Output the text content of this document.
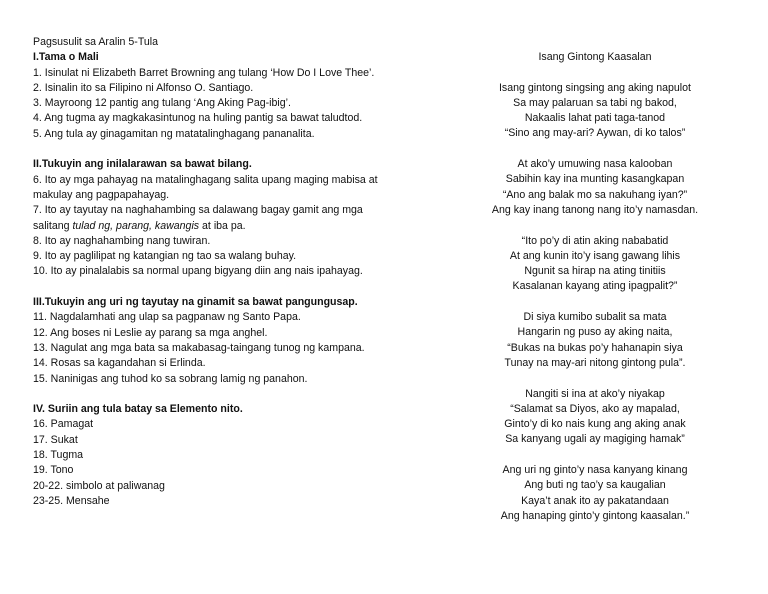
Pagsusulit sa Aralin 5-Tula
I.Tama o Mali
1. Isinulat ni Elizabeth Barret Browning ang tulang ‘How Do I Love Thee’.
2. Isinalin ito sa Filipino ni Alfonso O. Santiago.
3. Mayroong 12 pantig ang tulang ‘Ang Aking Pag-ibig’.
4. Ang tugma ay magkakasintunog na huling pantig sa bawat taludtod.
5. Ang tula ay ginagamitan ng matatalinghagang pananalita.
II.Tukuyin ang inilalarawan sa bawat bilang.
6. Ito ay mga pahayag na matalinghagang salita upang maging mabisa at makulay ang pagpapahayag.
7. Ito ay tayutay na naghahambing sa dalawang bagay gamit ang mga salitang tulad ng, parang, kawangis at iba pa.
8. Ito ay naghahambing nang tuwiran.
9. Ito ay paglilipat ng katangian ng tao sa walang buhay.
10. Ito ay pinalalabis sa normal upang bigyang diin ang nais ipahayag.
III.Tukuyin ang uri ng tayutay na ginamit sa bawat pangungusap.
11. Nagdalamhati ang ulap sa pagpanaw ng Santo Papa.
12. Ang boses ni Leslie ay parang sa mga anghel.
13. Nagulat ang mga bata sa makabasag-taingang tunog ng kampana.
14. Rosas sa kagandahan si Erlinda.
15. Naninigas ang tuhod ko sa sobrang lamig ng panahon.
IV. Suriin ang tula batay sa Elemento nito.
16. Pamagat
17. Sukat
18. Tugma
19. Tono
20-22. simbolo at paliwanag
23-25. Mensahe
Isang Gintong Kaasalan
Isang gintong singsing ang aking napulot
Sa may palaruan sa tabi ng bakod,
Nakaalis lahat pati taga-tanod
“Sino ang may-ari? Aywan, di ko talos”
At ako’y umuwing nasa kalooban
Sabihin kay ina munting kasangkapan
“Ano ang balak mo sa nakuhang iyan?”
Ang kay inang tanong nang ito’y namasdan.
“Ito po’y di atin aking nababatid
At ang kunin ito’y isang gawang lihis
Ngunit sa hirap na ating tinitiis
Kasalanan kayang ating ipagpalit?”
Di siya kumibo subalit sa mata
Hangarin ng puso ay aking naita,
“Bukas na bukas po’y hahanapin siya
Tunay na may-ari nitong gintong pula”.
Nangiti si ina at ako’y niyakap
“Salamat sa Diyos, ako ay mapalad,
Ginto’y di ko nais kung ang aking anak
Sa kanyang ugali ay magiging hamak”
Ang uri ng ginto’y nasa kanyang kinang
Ang buti ng tao’y sa kaugalian
Kaya’t anak ito ay pakatandaan
Ang hanaping ginto’y gintong kaasalan.”
